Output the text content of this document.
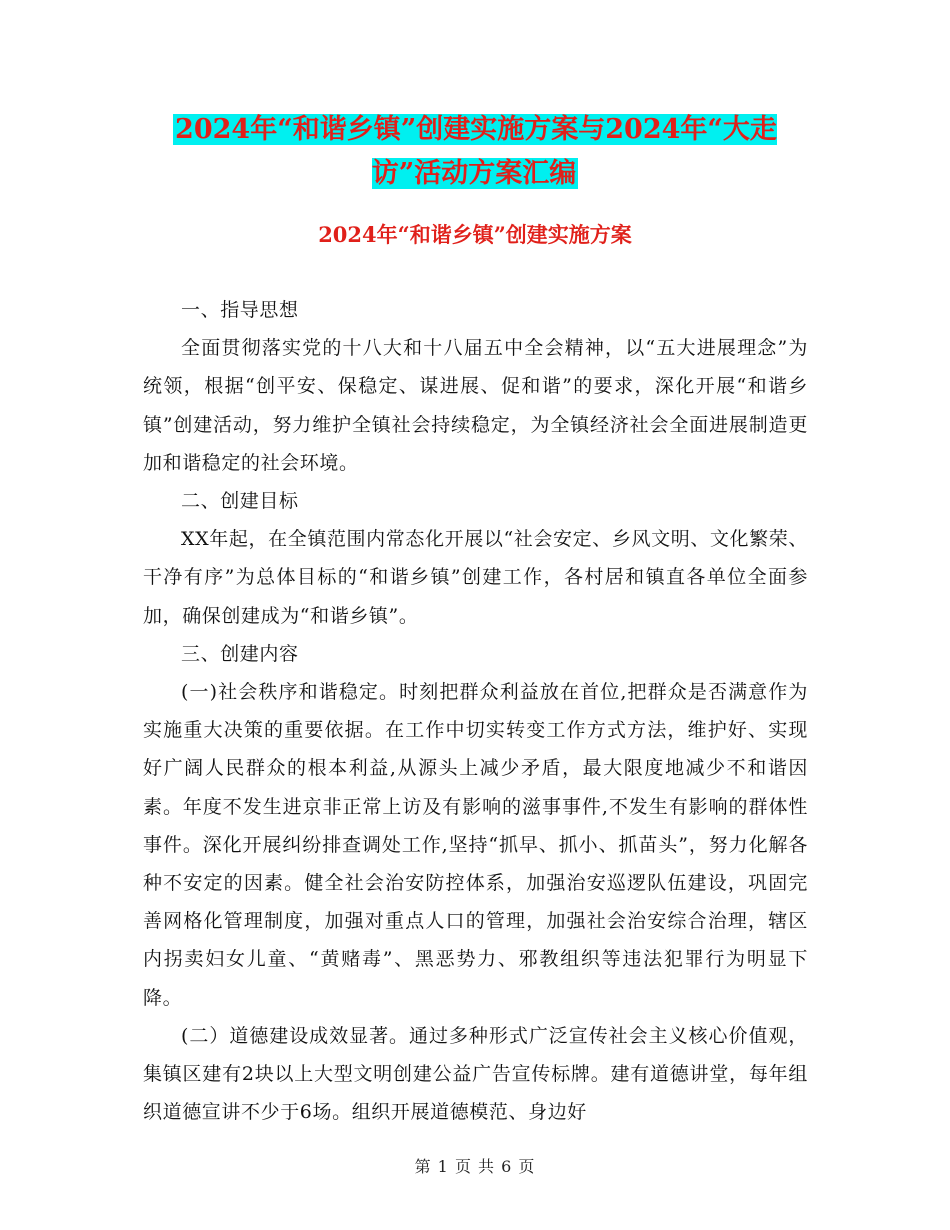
2024年“和谐乡镇”创建实施方案与2024年“大走访”活动方案汇编
2024年“和谐乡镇”创建实施方案

一、指导思想

全面贯彻落实党的十八大和十八届五中全会精神，以“五大进展理念”为统领，根据“创平安、保稳定、谋进展、促和谐”的要求，深化开展“和谐乡镇”创建活动，努力维护全镇社会持续稳定，为全镇经济社会全面进展制造更加和谐稳定的社会环境。

二、创建目标

XX年起，在全镇范围内常态化开展以“社会安定、乡风文明、文化繁荣、干净有序”为总体目标的“和谐乡镇”创建工作，各村居和镇直各单位全面参加，确保创建成为“和谐乡镇”。

三、创建内容

(一)社会秩序和谐稳定。时刻把群众利益放在首位,把群众是否满意作为实施重大决策的重要依据。在工作中切实转变工作方式方法，维护好、实现好广阔人民群众的根本利益,从源头上减少矛盾，最大限度地减少不和谐因素。年度不发生进京非正常上访及有影响的滋事事件,不发生有影响的群体性事件。深化开展纠纷排查调处工作,坚持“抓早、抓小、抓苗头”，努力化解各种不安定的因素。健全社会治安防控体系，加强治安巡逻队伍建设，巩固完善网格化管理制度，加强对重点人口的管理，加强社会治安综合治理，辖区内拐卖妇女儿童、“黄赌毒”、黑恶势力、邪教组织等违法犯罪行为明显下降。

(二）道德建设成效显著。通过多种形式广泛宣传社会主义核心价值观，集镇区建有2块以上大型文明创建公益广告宣传标牌。建有道德讲堂，每年组织道德宣讲不少于6场。组织开展道德模范、身边好

第 1 页 共 6 页
